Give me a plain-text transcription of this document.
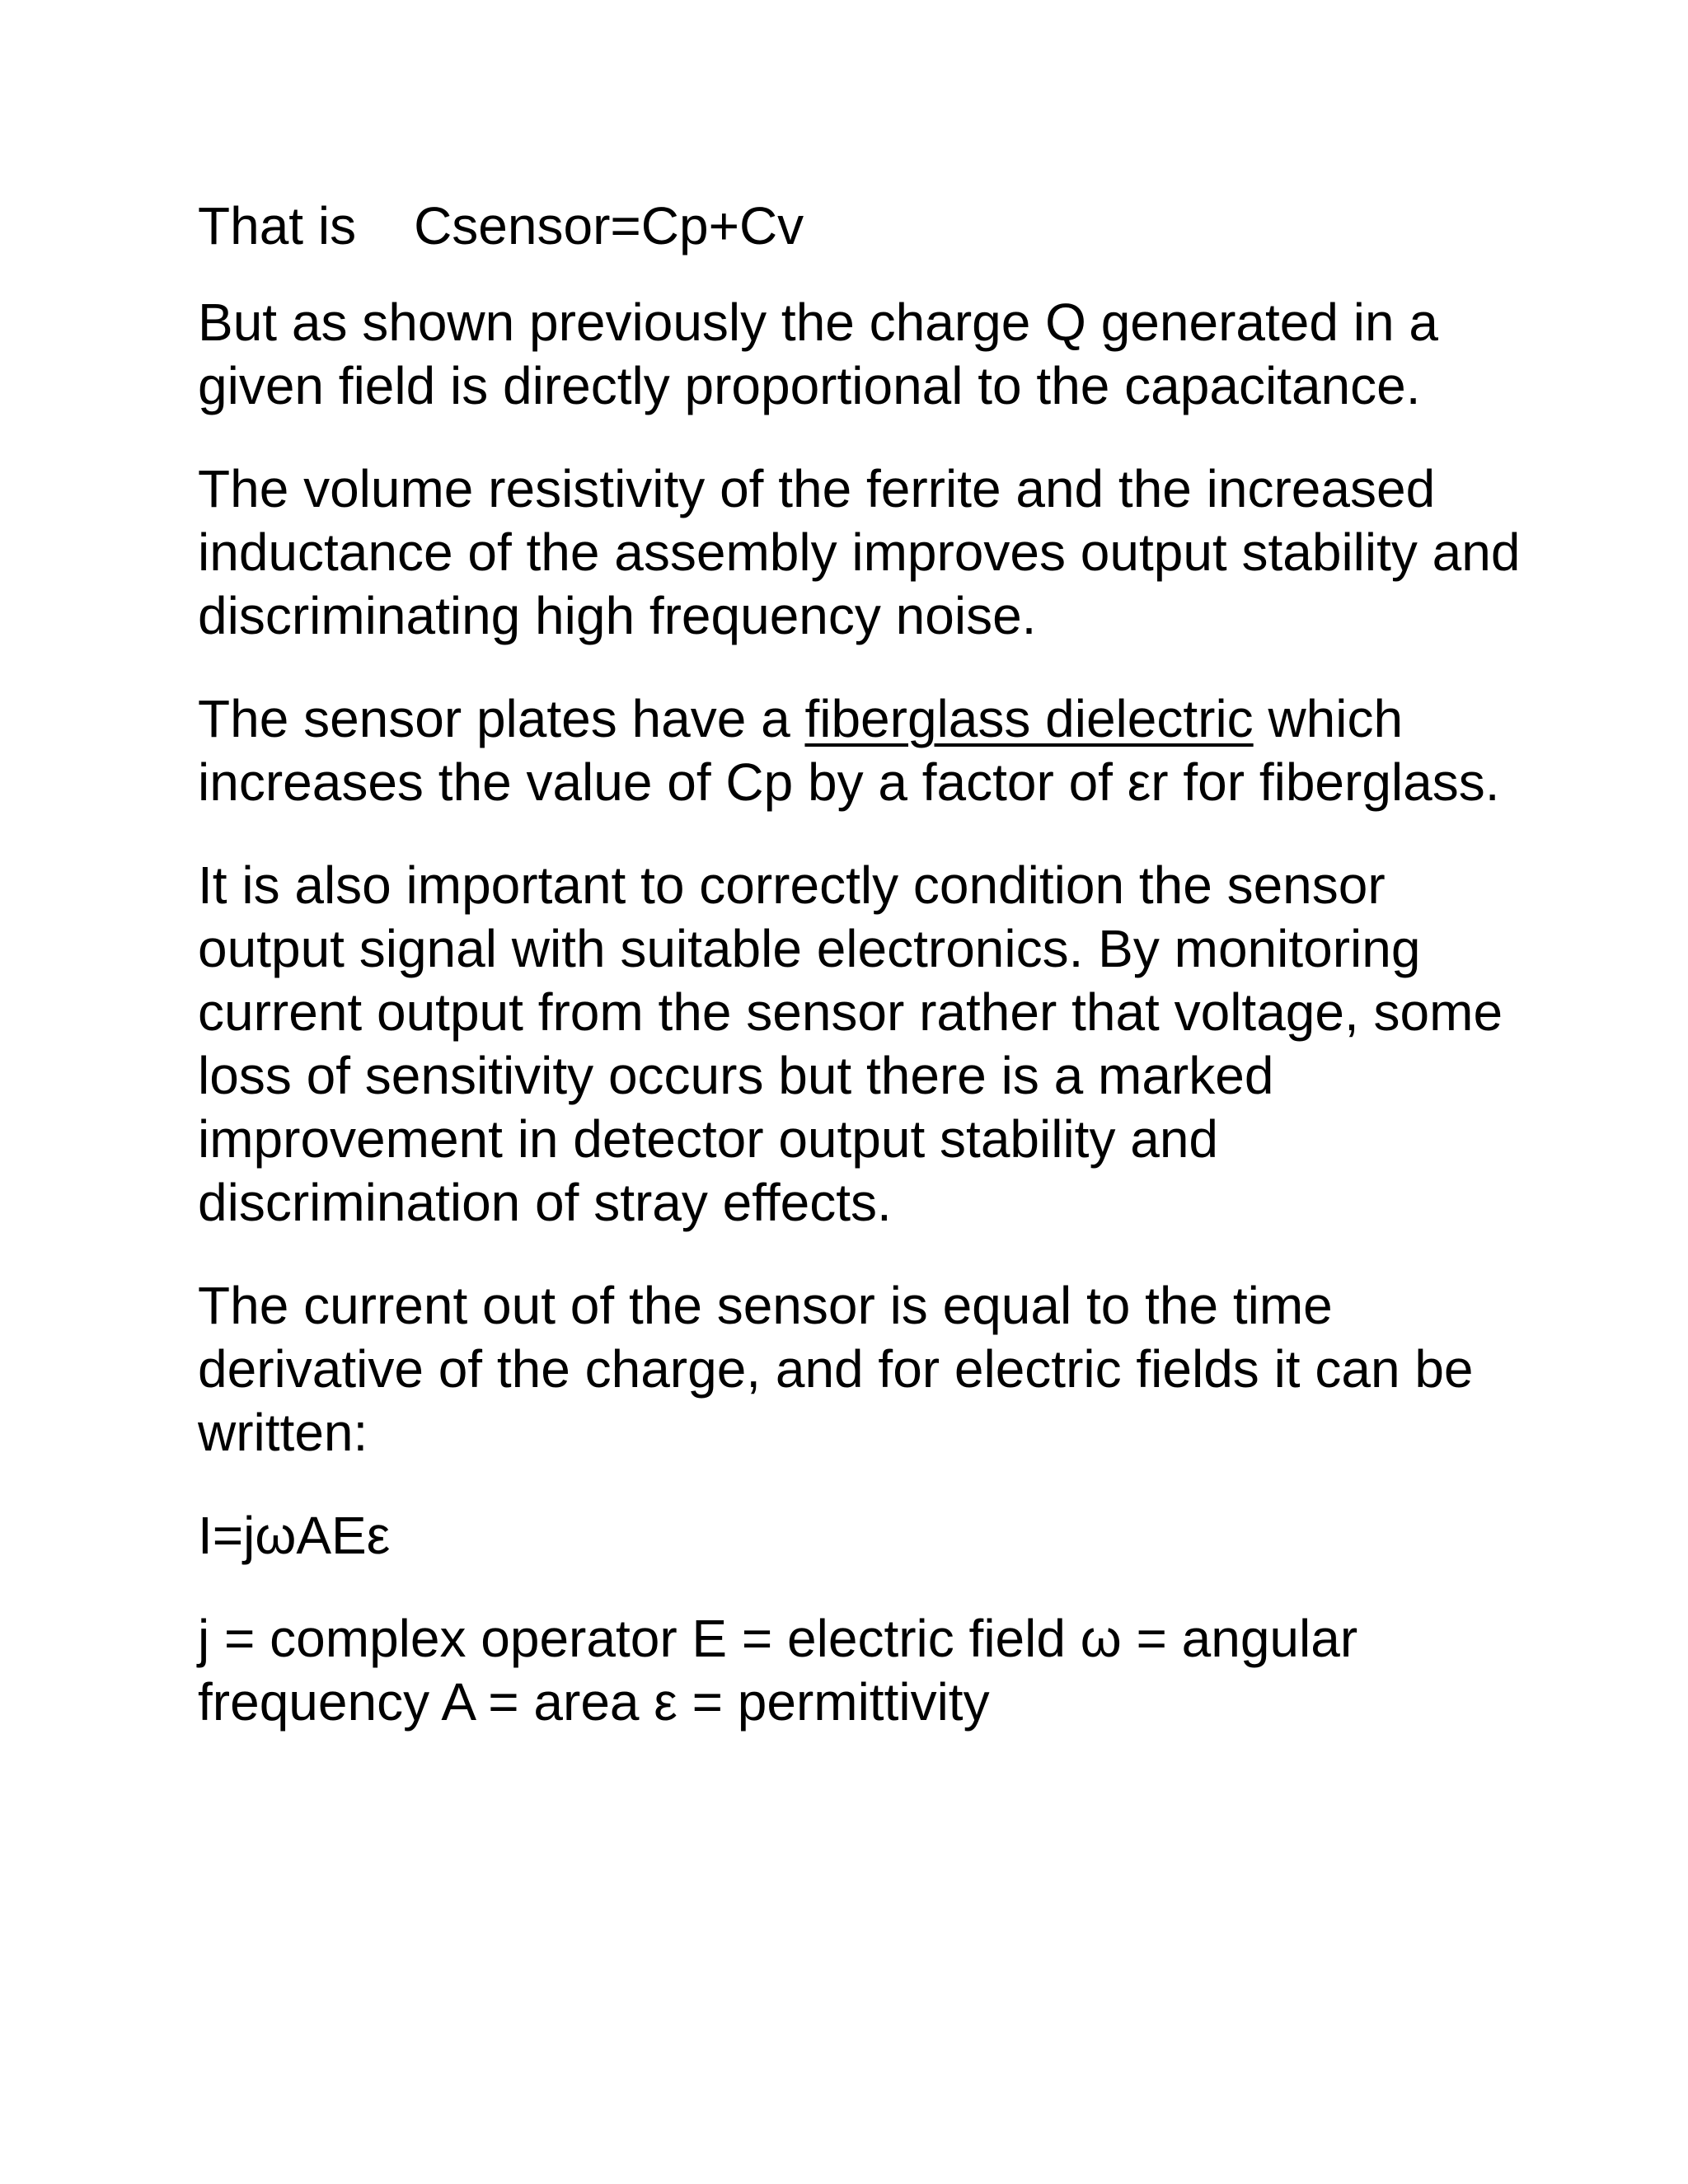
That is Csensor=Cp+Cv

But as shown previously the charge Q generated in a given field is directly proportional to the capacitance.

The volume resistivity of the ferrite and the increased inductance of the assembly improves output stability and discriminating high frequency noise.

The sensor plates have a fiberglass dielectric which increases the value of Cp by a factor of εr for fiberglass.

It is also important to correctly condition the sensor output signal with suitable electronics. By monitoring current output from the sensor rather that voltage, some loss of sensitivity occurs but there is a marked improvement in detector output stability and discrimination of stray effects.

The current out of the sensor is equal to the time derivative of the charge, and for electric fields it can be written:

I=jωAEε

j = complex operator E = electric field ω = angular frequency A = area ε = permittivity
